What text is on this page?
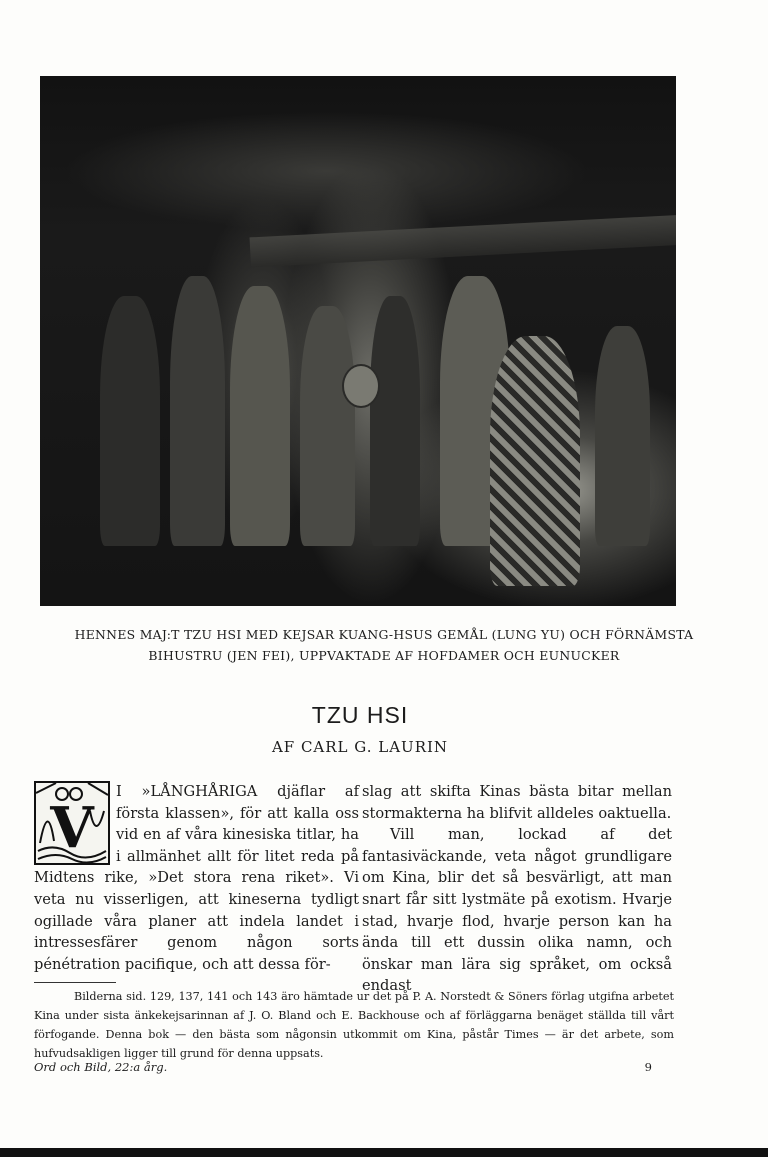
HENNES MAJ:T TZU HSI MED KEJSAR KUANG-HSUS GEMÅL (LUNG YU) OCH FÖRNÄMSTA
BIHUSTRU (JEN FEI), UPPVAKTADE AF HOFDAMER OCH EUNUCKER
TZU HSI
AF CARL G. LAURIN
V

I »LÅNGHÅRIGA djäflar af första klassen», för att kalla oss vid en af våra kinesiska titlar, ha i allmänhet allt för litet reda på Midtens rike, »Det stora rena riket». Vi veta nu visserligen, att kineserna tydligt ogillade våra planer att indela landet i intressesfärer genom någon sorts pénétration pacifique, och att dessa för-

slag att skifta Kinas bästa bitar mellan stormakterna ha blifvit alldeles oaktuella.

Vill man, lockad af det fantasiväckande, veta något grundligare om Kina, blir det så besvärligt, att man snart får sitt lystmäte på exotism. Hvarje stad, hvarje flod, hvarje person kan ha ända till ett dussin olika namn, och önskar man lära sig språket, om också endast

Bilderna sid. 129, 137, 141 och 143 äro hämtade ur det på P. A. Norstedt & Söners förlag utgifna arbetet Kina under sista änkekejsarinnan af J. O. Bland och E. Backhouse och af förläggarna benäget ställda till vårt förfogande. Denna bok — den bästa som någonsin utkommit om Kina, påstår Times — är det arbete, som hufvudsakligen ligger till grund för denna uppsats.
Ord och Bild, 22:a årg.	9
